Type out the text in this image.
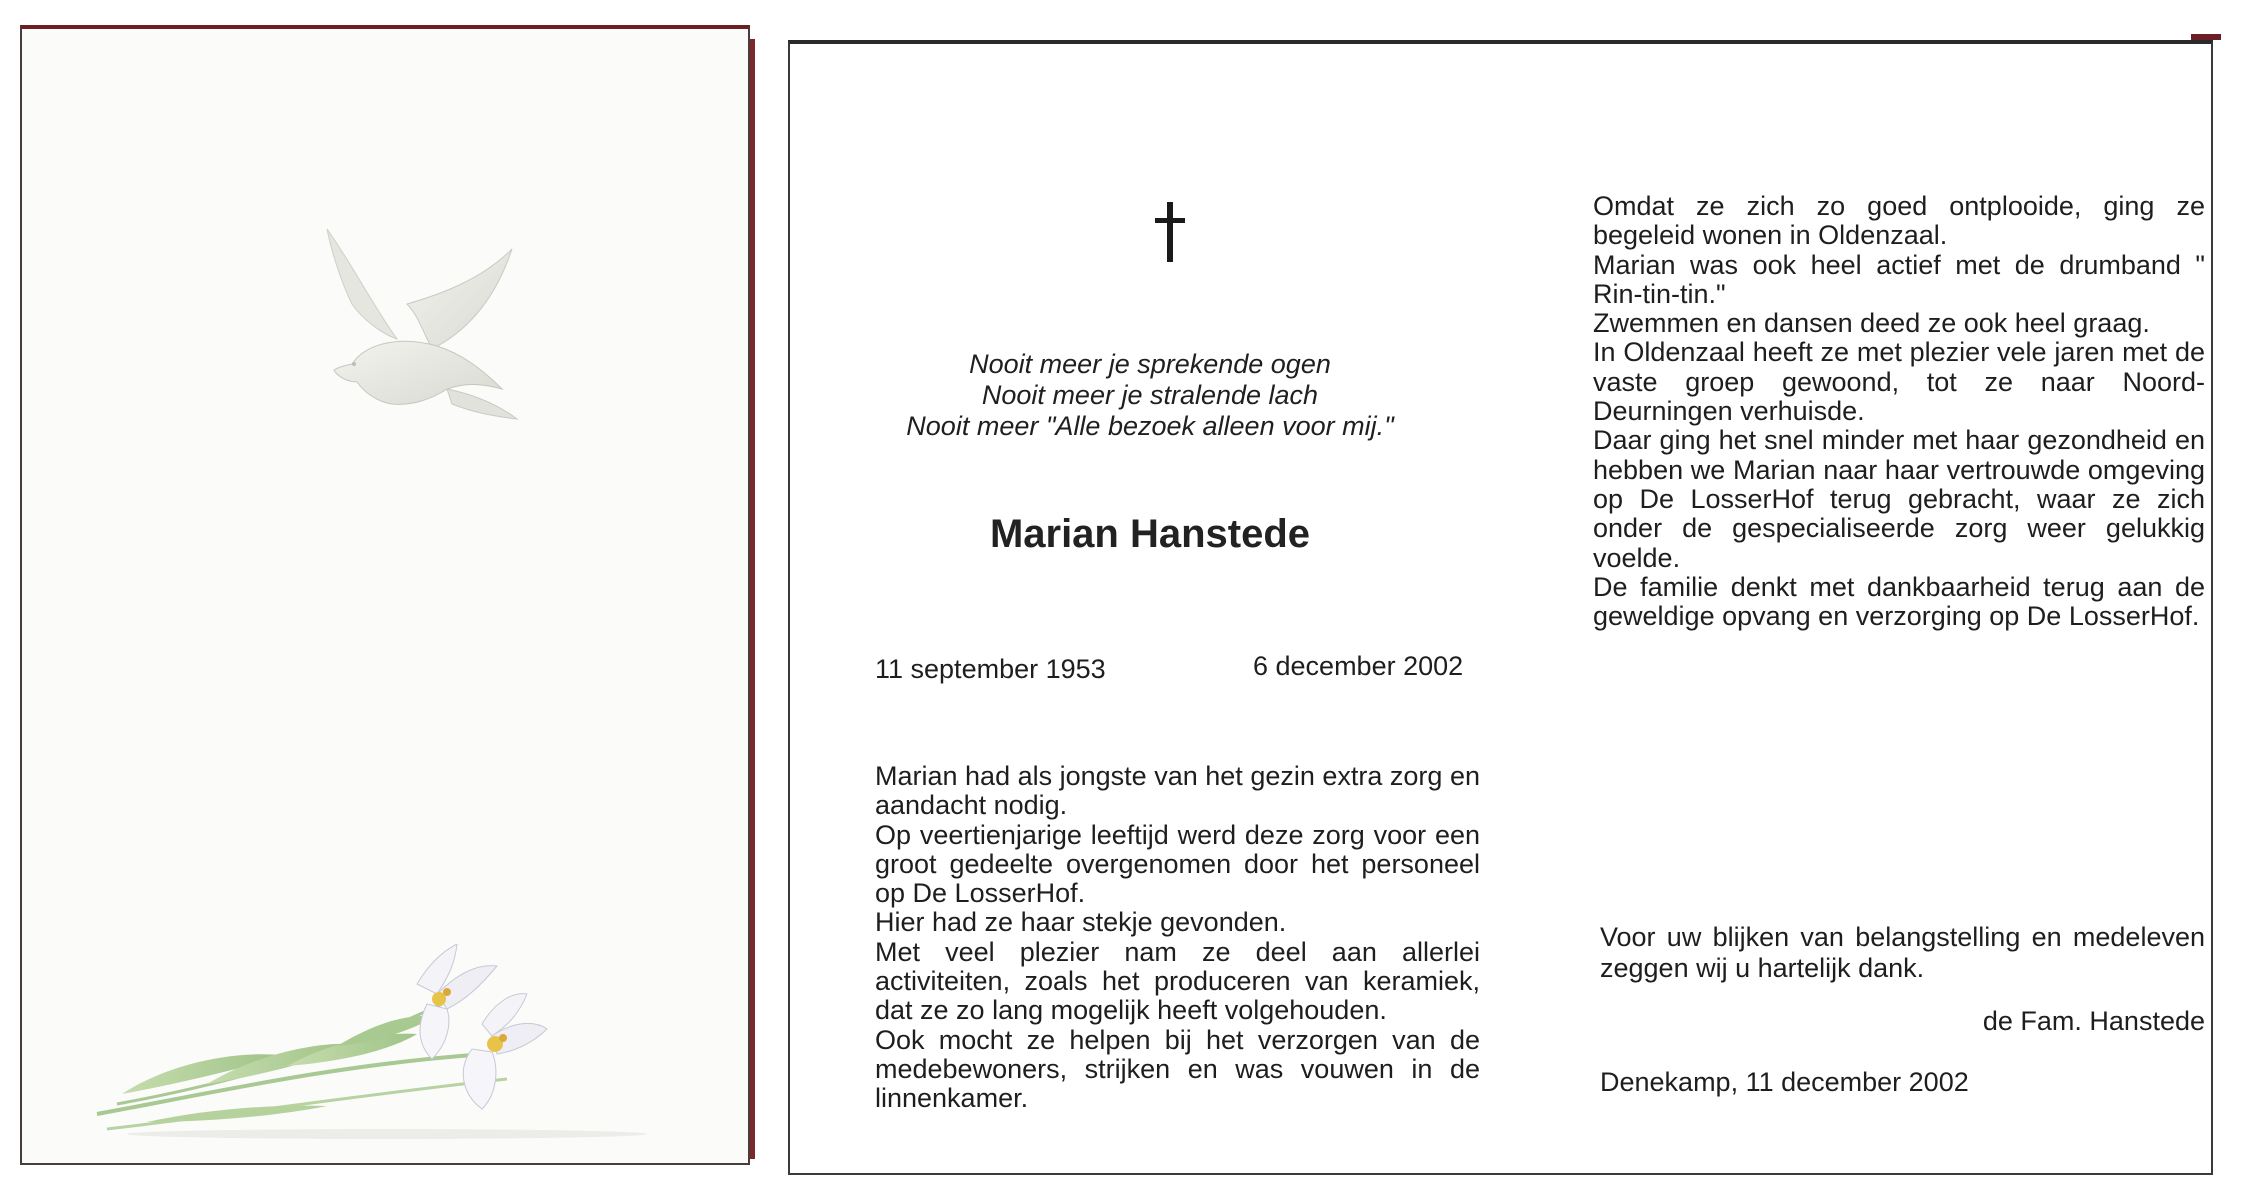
Nooit meer je sprekende ogen
Nooit meer je stralende lach
Nooit meer "Alle bezoek alleen voor mij."
Marian Hanstede
11 september 1953	6 december 2002

Marian had als jongste van het gezin extra zorg en aandacht nodig.

Op veertienjarige leeftijd werd deze zorg voor een groot gedeelte overgenomen door het personeel op De LosserHof.

Hier had ze haar stekje gevonden.

Met veel plezier nam ze deel aan allerlei activiteiten, zoals het produceren van keramiek, dat ze zo lang mogelijk heeft volgehouden.

Ook mocht ze helpen bij het verzorgen van de medebewoners, strijken en was vouwen in de linnenkamer.

Omdat ze zich zo goed ontplooide, ging ze begeleid wonen in Oldenzaal.

Marian was ook heel actief met de drumband " Rin-tin-tin."

Zwemmen en dansen deed ze ook heel graag.

In Oldenzaal heeft ze met plezier vele jaren met de vaste groep gewoond, tot ze naar Noord-Deurningen verhuisde.

Daar ging het snel minder met haar gezondheid en hebben we Marian naar haar vertrouwde omgeving op De LosserHof terug gebracht, waar ze zich onder de gespecialiseerde zorg weer gelukkig voelde.

De familie denkt met dankbaarheid terug aan de geweldige opvang en verzorging op De LosserHof.

Voor uw blijken van belangstelling en medeleven zeggen wij u hartelijk dank.
de Fam. Hanstede
Denekamp, 11 december 2002
